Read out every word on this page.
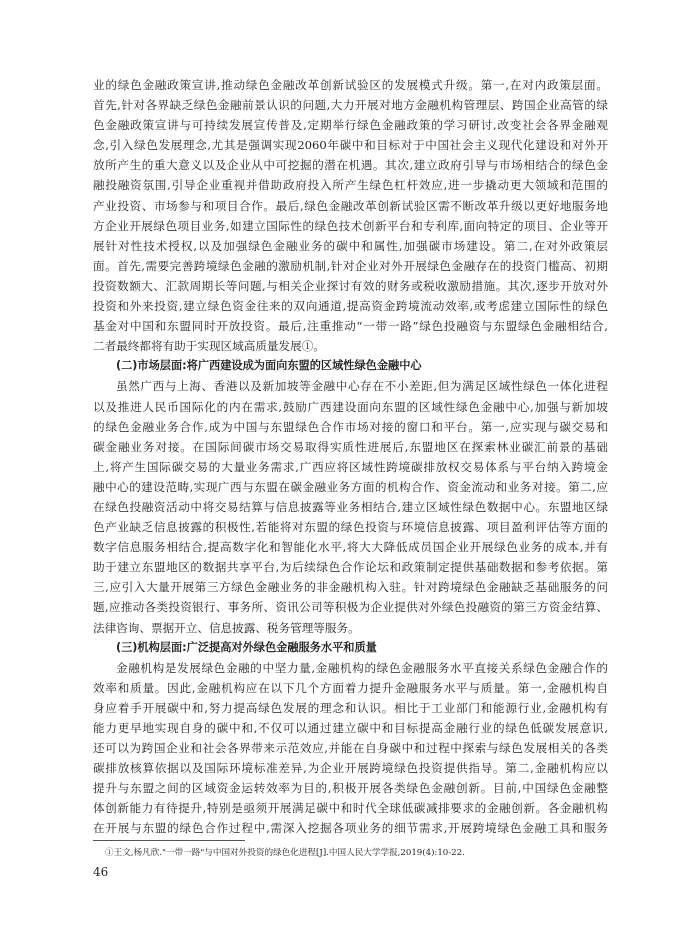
业的绿色金融政策宣讲,推动绿色金融改革创新试验区的发展模式升级。第一,在对内政策层面。
首先,针对各界缺乏绿色金融前景认识的问题,大力开展对地方金融机构管理层、跨国企业高管的绿
色金融政策宣讲与可持续发展宣传普及,定期举行绿色金融政策的学习研讨,改变社会各界金融观
念,引入绿色发展理念,尤其是强调实现2060年碳中和目标对于中国社会主义现代化建设和对外开
放所产生的重大意义以及企业从中可挖掘的潜在机遇。其次,建立政府引导与市场相结合的绿色金
融投融资氛围,引导企业重视并借助政府投入所产生绿色杠杆效应,进一步撬动更大领域和范围的
产业投资、市场参与和项目合作。最后,绿色金融改革创新试验区需不断改革升级以更好地服务地
方企业开展绿色项目业务,如建立国际性的绿色技术创新平台和专利库,面向特定的项目、企业等开
展针对性技术授权,以及加强绿色金融业务的碳中和属性,加强碳市场建设。第二,在对外政策层
面。首先,需要完善跨境绿色金融的激励机制,针对企业对外开展绿色金融存在的投资门槛高、初期
投资数额大、汇款周期长等问题,与相关企业探讨有效的财务或税收激励措施。其次,逐步开放对外
投资和外来投资,建立绿色资金往来的双向通道,提高资金跨境流动效率,或考虑建立国际性的绿色
基金对中国和东盟同时开放投资。最后,注重推动“一带一路”绿色投融资与东盟绿色金融相结合,
二者最终都将有助于实现区域高质量发展①。
(二)市场层面:将广西建设成为面向东盟的区域性绿色金融中心
虽然广西与上海、香港以及新加坡等金融中心存在不小差距,但为满足区域性绿色一体化进程
以及推进人民币国际化的内在需求,鼓励广西建设面向东盟的区域性绿色金融中心,加强与新加坡
的绿色金融业务合作,成为中国与东盟绿色合作市场对接的窗口和平台。第一,应实现与碳交易和
碳金融业务对接。在国际间碳市场交易取得实质性进展后,东盟地区在探索林业碳汇前景的基础
上,将产生国际碳交易的大量业务需求,广西应将区域性跨境碳排放权交易体系与平台纳入跨境金
融中心的建设范畴,实现广西与东盟在碳金融业务方面的机构合作、资金流动和业务对接。第二,应
在绿色投融资活动中将交易结算与信息披露等业务相结合,建立区域性绿色数据中心。东盟地区绿
色产业缺乏信息披露的积极性,若能将对东盟的绿色投资与环境信息披露、项目盈利评估等方面的
数字信息服务相结合,提高数字化和智能化水平,将大大降低成员国企业开展绿色业务的成本,并有
助于建立东盟地区的数据共享平台,为后续绿色合作论坛和政策制定提供基础数据和参考依据。第
三,应引入大量开展第三方绿色金融业务的非金融机构入驻。针对跨境绿色金融缺乏基础服务的问
题,应推动各类投资银行、事务所、资讯公司等积极为企业提供对外绿色投融资的第三方资金结算、
法律咨询、票据开立、信息披露、税务管理等服务。
(三)机构层面:广泛提高对外绿色金融服务水平和质量
金融机构是发展绿色金融的中坚力量,金融机构的绿色金融服务水平直接关系绿色金融合作的
效率和质量。因此,金融机构应在以下几个方面着力提升金融服务水平与质量。第一,金融机构自
身应着手开展碳中和,努力提高绿色发展的理念和认识。相比于工业部门和能源行业,金融机构有
能力更早地实现自身的碳中和,不仅可以通过建立碳中和目标提高金融行业的绿色低碳发展意识,
还可以为跨国企业和社会各界带来示范效应,并能在自身碳中和过程中探索与绿色发展相关的各类
碳排放核算依据以及国际环境标准差异,为企业开展跨境绿色投资提供指导。第二,金融机构应以
提升与东盟之间的区域资金运转效率为目的,积极开展各类绿色金融创新。目前,中国绿色金融整
体创新能力有待提升,特别是亟须开展满足碳中和时代全球低碳减排要求的金融创新。各金融机构
在开展与东盟的绿色合作过程中,需深入挖掘各项业务的细节需求,开展跨境绿色金融工具和服务
①王文,杨凡欣."一带一路"与中国对外投资的绿色化进程[J].中国人民大学学报,2019(4):10-22.
46
